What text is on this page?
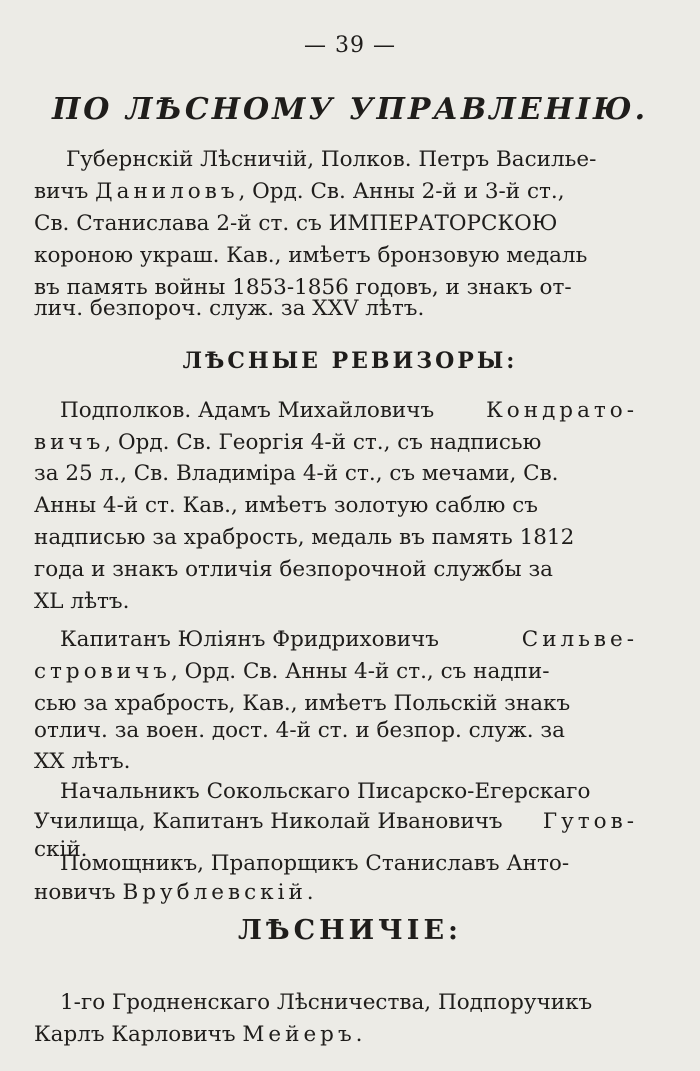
— 39 —
ПО ЛѢСНОМУ УПРАВЛЕНІЮ.
Губернскій Лѣсничій, Полков. Петръ Василье-
вичъ Даниловъ, Орд. Св. Анны 2-й и 3-й ст.,
Св. Станислава 2-й ст. съ ИМПЕРАТОРСКОЮ
короною украш. Кав., имѣетъ бронзовую медаль
въ память войны 1853-1856 годовъ, и знакъ от-
лич. безпороч. служ. за XXV лѣтъ.
ЛѢСНЫЕ РЕВИЗОРЫ:
Подполков. Адамъ Михайловичъ Кондрато-
вичъ, Орд. Св. Георгія 4-й ст., съ надписью
за 25 л., Св. Владиміра 4-й ст., съ мечами, Св.
Анны 4-й ст. Кав., имѣетъ золотую саблю съ
надписью за храбрость, медаль въ память 1812
года и знакъ отличія безпорочной службы за
XL лѣтъ.
Капитанъ Юліянъ Фридриховичъ	Сильве-
стровичъ, Орд. Св. Анны 4-й ст., съ надпи-
сью за храбрость, Кав., имѣетъ Польскій знакъ
отлич. за воен. дост. 4-й ст. и безпор. служ. за
XX лѣтъ.
Начальникъ Сокольскаго Писарско-Егерскаго
Училища, Капитанъ Николай Ивановичъ Гутов-
скій.
Помощникъ, Прапорщикъ Станиславъ Анто-
новичъ Врублевскій.
ЛѢСНИЧІЕ:
1-го Гродненскаго Лѣсничества, Подпоручикъ
Карлъ Карловичъ Мейеръ.
